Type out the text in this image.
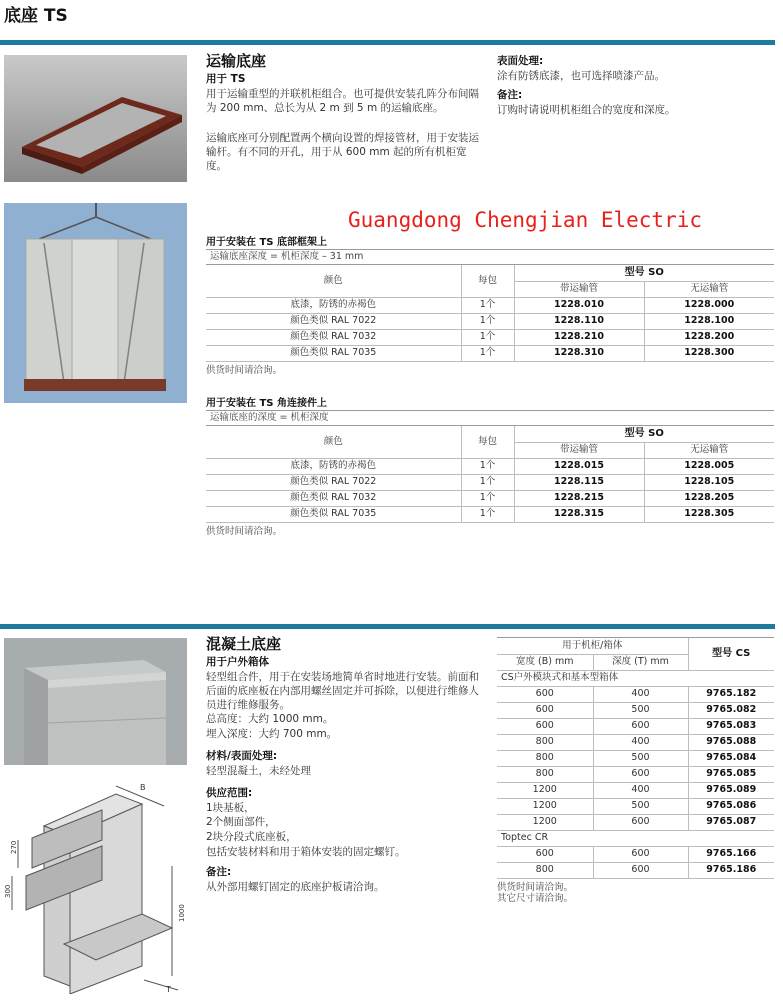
底座 TS
运输底座
用于 TS
用于运输重型的并联机柜组合。也可提供安装孔阵分布间隔为 200 mm、总长为从 2 m 到 5 m 的运输底座。
运输底座可分别配置两个横向设置的焊接管材，用于安装运输杆。有不同的开孔，用于从 600 mm 起的所有机柜宽度。
表面处理:
涂有防锈底漆，也可选择喷漆产品。
备注:
订购时请说明机柜组合的宽度和深度。
Guangdong Chengjian Electric
用于安装在 TS 底部框架上
运输底座深度 = 机柜深度 – 31 mm
颜色	每包	型号 SO	
		带运输管	无运输管
底漆，防锈的赤褐色	1个	1228.010	1228.000
颜色类似 RAL 7022	1个	1228.110	1228.100
颜色类似 RAL 7032	1个	1228.210	1228.200
颜色类似 RAL 7035	1个	1228.310	1228.300
供货时间请洽询。
用于安装在 TS 角连接件上
运输底座的深度 = 机柜深度
颜色	每包	型号 SO	
		带运输管	无运输管
底漆，防锈的赤褐色	1个	1228.015	1228.005
颜色类似 RAL 7022	1个	1228.115	1228.105
颜色类似 RAL 7032	1个	1228.215	1228.205
颜色类似 RAL 7035	1个	1228.315	1228.305
供货时间请洽询。
B
270
300
1000
T
混凝土底座
用于户外箱体
轻型组合件，用于在安装场地简单省时地进行安装。前面和后面的底座板在内部用螺丝固定并可拆除，以便进行维修人员进行维修服务。
总高度：大约 1000 mm。
埋入深度：大约 700 mm。
材料/表面处理:
轻型混凝土，未经处理
供应范围:
1块基板，
2个侧面部件，
2块分段式底座板，
包括安装材料和用于箱体安装的固定螺钉。
备注:
从外部用螺钉固定的底座护板请洽询。
用于机柜/箱体		型号 CS
宽度 (B) mm	深度 (T) mm	
CS户外模块式和基本型箱体		
600	400	9765.182
600	500	9765.082
600	600	9765.083
800	400	9765.088
800	500	9765.084
800	600	9765.085
1200	400	9765.089
1200	500	9765.086
1200	600	9765.087
Toptec CR		
600	600	9765.166
800	600	9765.186
供货时间请洽询。
其它尺寸请洽询。
